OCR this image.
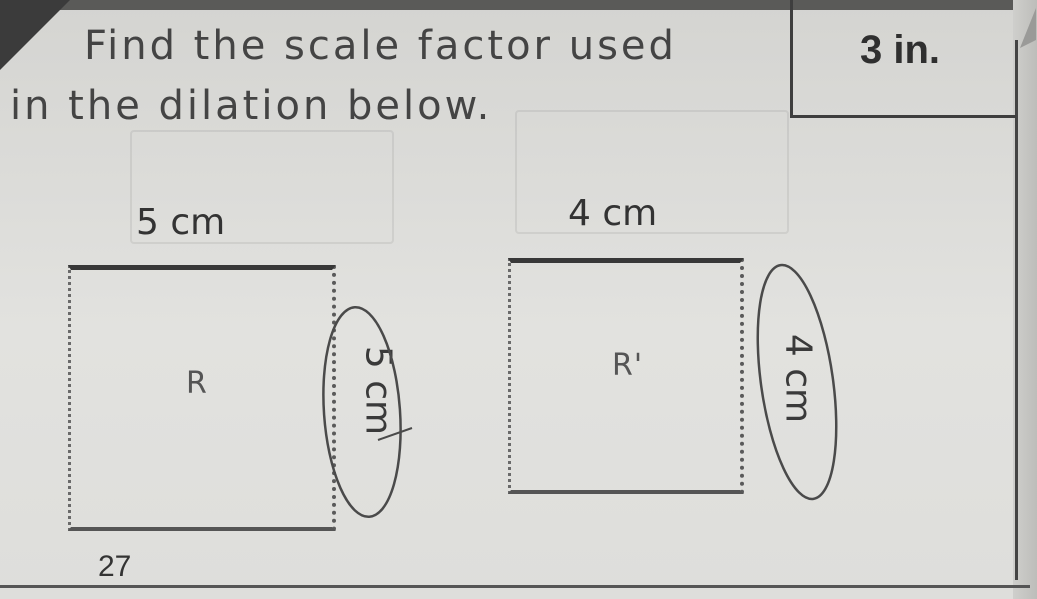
Find the scale factor used
in the dilation below.
3 in.
5 cm
R	5 cm
4 cm
R'	4 cm
27
